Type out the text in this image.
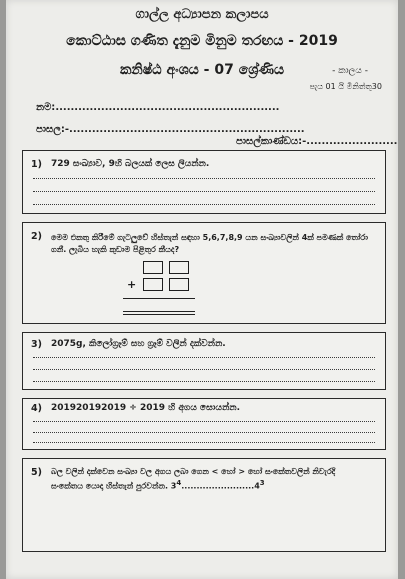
ගාල්ල අධ්‍යාපන කලාපය
කොට්ඨාස ගණිත දැනුම මිනුම තරඟය - 2019
කනිෂ්ඨ අංශය - 07 ශ්‍රේණිය	- කාලය -
පැය 01 යි මිනිත්තු30
නම:...........................................................
පාසල:-..............................................................
පාසල්කාණ්ඩය:-........................
1) 729 සංඛ්‍යාව, 9හි බලයක් ලෙස ලියන්න.
2) මෙම එකතු කිරීමේ ගැටලුවේ හිස්තැන් සඳහා 5,6,7,8,9 යන සංඛ්‍යාවලින් 4ක් පමණක් තෝරා
ගනී. ලැබිය හැකි කුඩාම පිළිතුර කීයද?
+
3) 2075g, කිලෝග්‍රෑම් සහ ග්‍රෑම් වලින් දක්වන්න.
4) 201920192019 ÷ 2019 හි අගය සොයන්න.
5) බල වලින් දක්වෙන සංඛ්‍යා වල අගය ලබා ගෙන < හෝ > හෝ සංකේතවලින් නිවැරදි
සංකේතය යොදා හිස්තැන් පුරවන්න. 34........................43
